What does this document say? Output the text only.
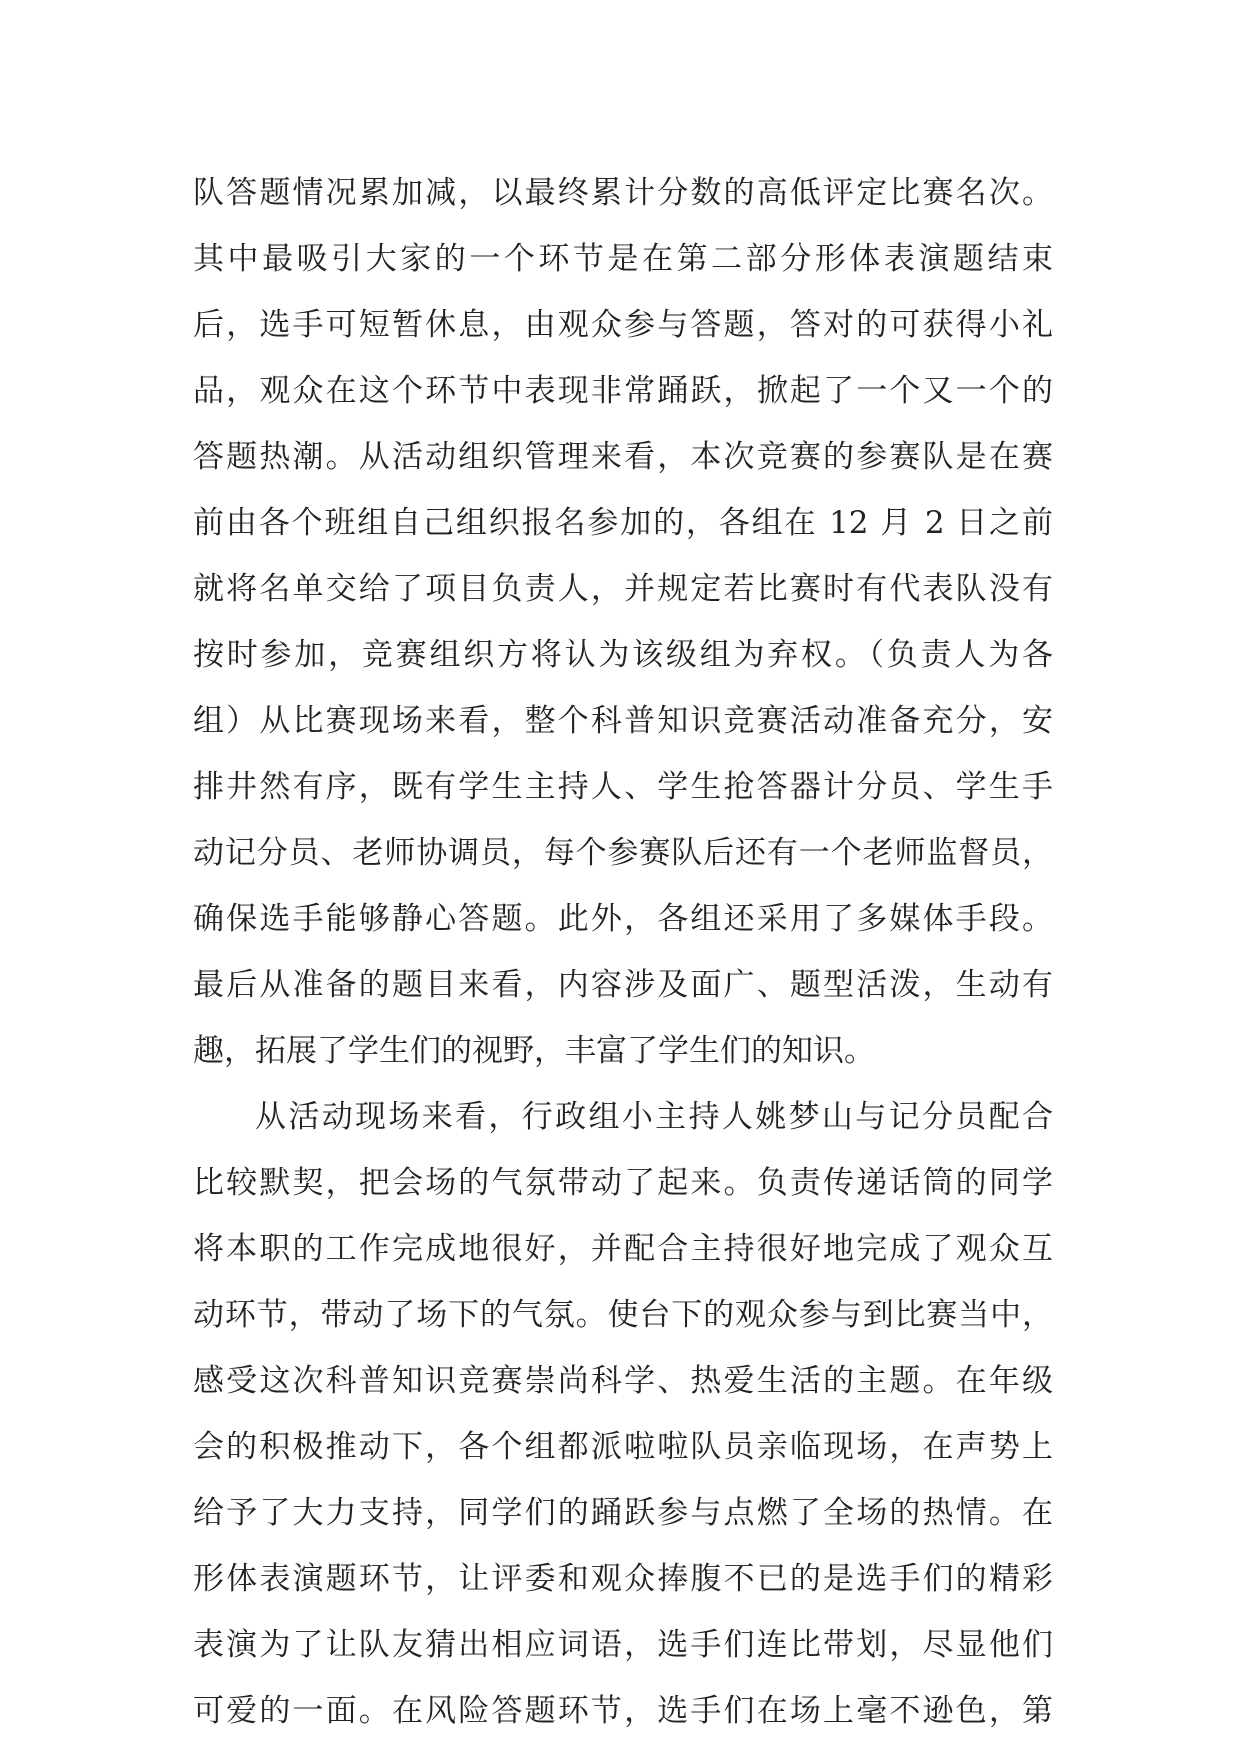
队答题情况累加减，以最终累计分数的高低评定比赛名次。
其中最吸引大家的一个环节是在第二部分形体表演题结束
后，选手可短暂休息，由观众参与答题，答对的可获得小礼
品，观众在这个环节中表现非常踊跃，掀起了一个又一个的
答题热潮。从活动组织管理来看，本次竞赛的参赛队是在赛
前由各个班组自己组织报名参加的，各组在 12 月 2 日之前
就将名单交给了项目负责人，并规定若比赛时有代表队没有
按时参加，竞赛组织方将认为该级组为弃权。（负责人为各
组）从比赛现场来看，整个科普知识竞赛活动准备充分，安
排井然有序，既有学生主持人、学生抢答器计分员、学生手
动记分员、老师协调员，每个参赛队后还有一个老师监督员，
确保选手能够静心答题。此外，各组还采用了多媒体手段。
最后从准备的题目来看，内容涉及面广、题型活泼，生动有
趣，拓展了学生们的视野，丰富了学生们的知识。
从活动现场来看，行政组小主持人姚梦山与记分员配合
比较默契，把会场的气氛带动了起来。负责传递话筒的同学
将本职的工作完成地很好，并配合主持很好地完成了观众互
动环节，带动了场下的气氛。使台下的观众参与到比赛当中，
感受这次科普知识竞赛崇尚科学、热爱生活的主题。在年级
会的积极推动下，各个组都派啦啦队员亲临现场，在声势上
给予了大力支持，同学们的踊跃参与点燃了全场的热情。在
形体表演题环节，让评委和观众捧腹不已的是选手们的精彩
表演为了让队友猜出相应词语，选手们连比带划，尽显他们
可爱的一面。在风险答题环节，选手们在场上毫不逊色，第
